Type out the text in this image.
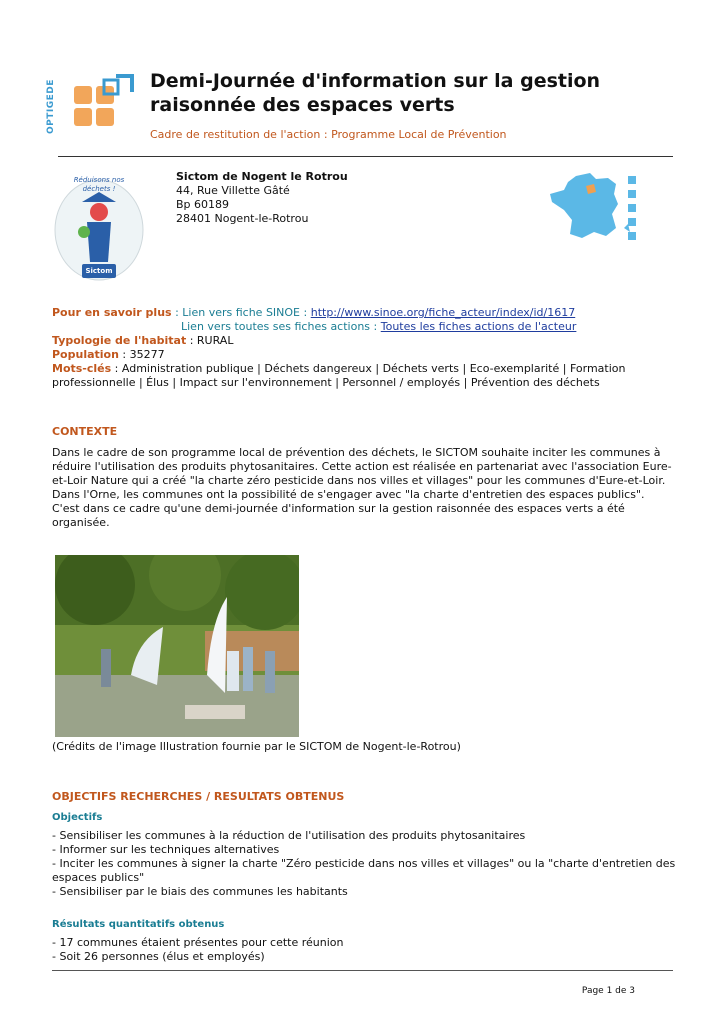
OPTIGEDE	Demi-Journée d'information sur la gestion
raisonnée des espaces verts
Cadre de restitution de l'action : Programme Local de Prévention
Sictom
Réduisons nos déchets !
Sictom de Nogent le Rotrou
44, Rue Villette Gâté
Bp 60189
28401 Nogent-le-Rotrou
Pour en savoir plus : Lien vers fiche SINOE : http://www.sinoe.org/fiche_acteur/index/id/1617
Lien vers toutes ses fiches actions : Toutes les fiches actions de l'acteur
Typologie de l'habitat : RURAL
Population : 35277
Mots-clés : Administration publique | Déchets dangereux | Déchets verts | Eco-exemplarité | Formation professionnelle | Élus | Impact sur l'environnement | Personnel / employés | Prévention des déchets
CONTEXTE

Dans le cadre de son programme local de prévention des déchets, le SICTOM souhaite inciter les communes à réduire l'utilisation des produits phytosanitaires. Cette action est réalisée en partenariat avec l'association Eure-et-Loir Nature qui a créé "la charte zéro pesticide dans nos villes et villages" pour les communes d'Eure-et-Loir. Dans l'Orne, les communes ont la possibilité de s'engager avec "la charte d'entretien des espaces publics".

C'est dans ce cadre qu'une demi-journée d'information sur la gestion raisonnée des espaces verts a été organisée.

(Crédits de l'image Illustration fournie par le SICTOM de Nogent-le-Rotrou)
OBJECTIFS RECHERCHES / RESULTATS OBTENUS
Objectifs
- Sensibiliser les communes à la réduction de l'utilisation des produits phytosanitaires
- Informer sur les techniques alternatives
- Inciter les communes à signer la charte "Zéro pesticide dans nos villes et villages" ou la "charte d'entretien des espaces publics"
- Sensibiliser par le biais des communes les habitants
Résultats quantitatifs obtenus
- 17 communes étaient présentes pour cette réunion
- Soit 26 personnes (élus et employés)
Page 1 de 3
